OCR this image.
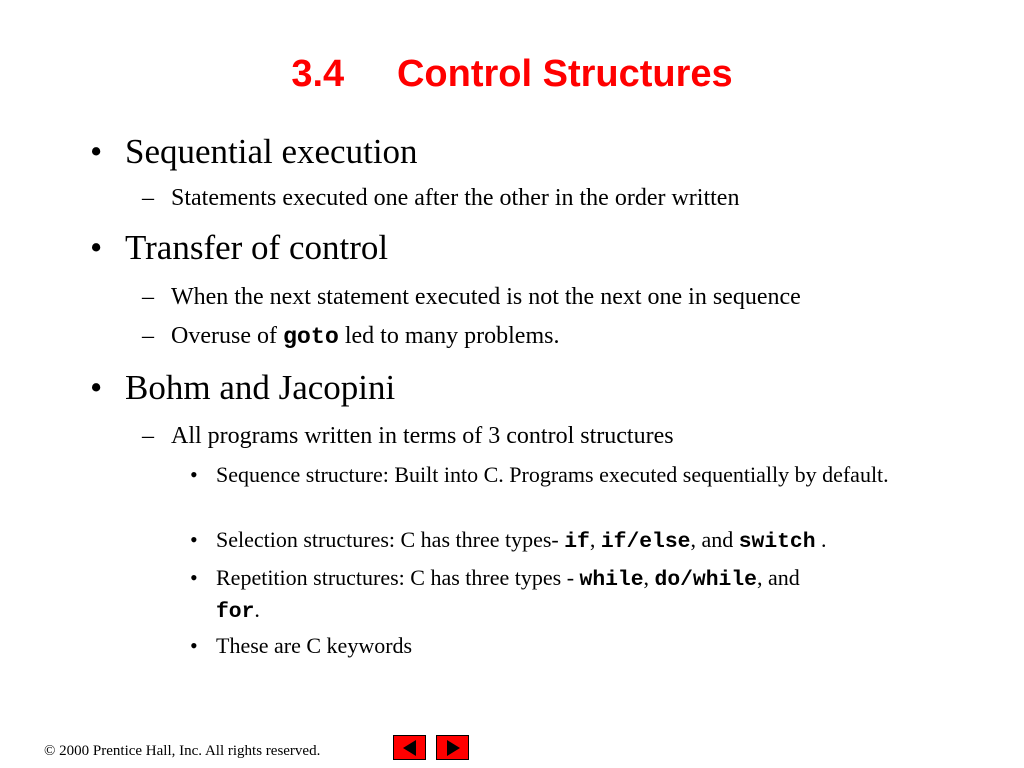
3.4     Control Structures
• Sequential execution
– Statements executed one after the other in the order written
• Transfer of control
– When the next statement executed is not the next one in sequence
– Overuse of goto led to many problems.
• Bohm and Jacopini
– All programs written in terms of 3 control structures
• Sequence structure: Built into C. Programs executed sequentially by default.
• Selection structures: C has three types- if, if/else, and switch .
• Repetition structures: C has three types - while, do/while, and
for.
• These are C keywords
© 2000 Prentice Hall, Inc. All rights reserved.
